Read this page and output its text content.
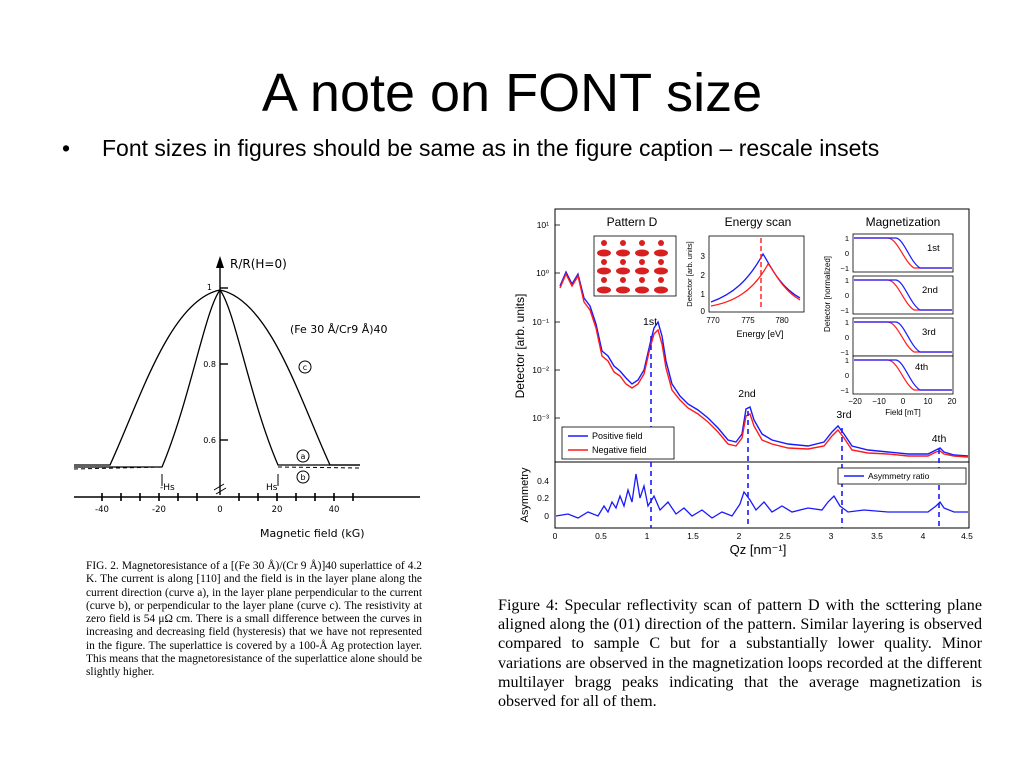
A note on FONT size
• Font sizes in figures should be same as in the figure caption – rescale insets
R/R(H=0)
1
0.8
0.6
-40	-20	0	20	40
Magnetic field (kG)
(Fe 30 Å/Cr9 Å)40
c
a
b
-Hs	Hs
FIG. 2. Magnetoresistance of a [(Fe 30 Å)/(Cr 9 Å)]40 superlattice of 4.2 K. The current is along [110] and the field is in the layer plane along the current direction (curve a), in the layer plane perpendicular to the current (curve b), or perpendicular to the layer plane (curve c). The resistivity at zero field is 54 μΩ cm. There is a small difference between the curves in increasing and decreasing field (hysteresis) that we have not represented in the figure. The superlattice is covered by a 100-Å Ag protection layer. This means that the magnetoresistance of the superlattice alone should be slightly higher.
10¹
10⁰
10⁻¹
10⁻²
10⁻³
Detector [arb. units]	1st
2nd
3rd
4th
Positive field
Negative field
Pattern D	Energy scan
3
2
1
0
Detector [arb. units]
770	775	780
Energy [eV]
Magnetization
Detector [normalized]
1st
2nd
3rd
4th
1
0
−1
1
0
−1
1
0
−1
1
0
−1
−20 −10 0 10 20
Field [mT]
Asymmetry 0.4
0.2
0
Asymmetry ratio
0	0.5	1	1.5	2	2.5	3	3.5	4	4.5
Qz [nm⁻¹]
Figure 4: Specular reflectivity scan of pattern D with the scttering plane aligned along the (01) direction of the pattern. Similar layering is observed compared to sample C but for a substantially lower quality. Minor variations are observed in the magnetization loops recorded at the different multilayer bragg peaks indicating that the average magnetization is observed for all of them.
